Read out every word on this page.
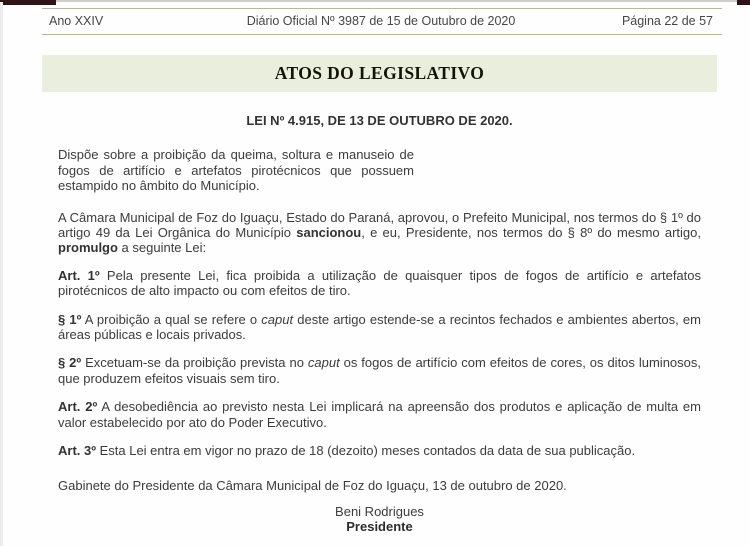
Ano XXIV	Diário Oficial Nº 3987 de 15 de Outubro de 2020	Página 22 de 57
ATOS DO LEGISLATIVO

LEI Nº 4.915, DE 13 DE OUTUBRO DE 2020.

Dispõe sobre a proibição da queima, soltura e manuseio de fogos de artifício e artefatos pirotécnicos que possuem estampido no âmbito do Município.

A Câmara Municipal de Foz do Iguaçu, Estado do Paraná, aprovou, o Prefeito Municipal, nos termos do § 1º do artigo 49 da Lei Orgânica do Município sancionou, e eu, Presidente, nos termos do § 8º do mesmo artigo, promulgo a seguinte Lei:

Art. 1º Pela presente Lei, fica proibida a utilização de quaisquer tipos de fogos de artifício e artefatos pirotécnicos de alto impacto ou com efeitos de tiro.

§ 1º A proibição a qual se refere o caput deste artigo estende-se a recintos fechados e ambientes abertos, em áreas públicas e locais privados.

§ 2º Excetuam-se da proibição prevista no caput os fogos de artifício com efeitos de cores, os ditos luminosos, que produzem efeitos visuais sem tiro.

Art. 2º A desobediência ao previsto nesta Lei implicará na apreensão dos produtos e aplicação de multa em valor estabelecido por ato do Poder Executivo.

Art. 3º Esta Lei entra em vigor no prazo de 18 (dezoito) meses contados da data de sua publicação.

Gabinete do Presidente da Câmara Municipal de Foz do Iguaçu, 13 de outubro de 2020.

Beni Rodrigues

Presidente
